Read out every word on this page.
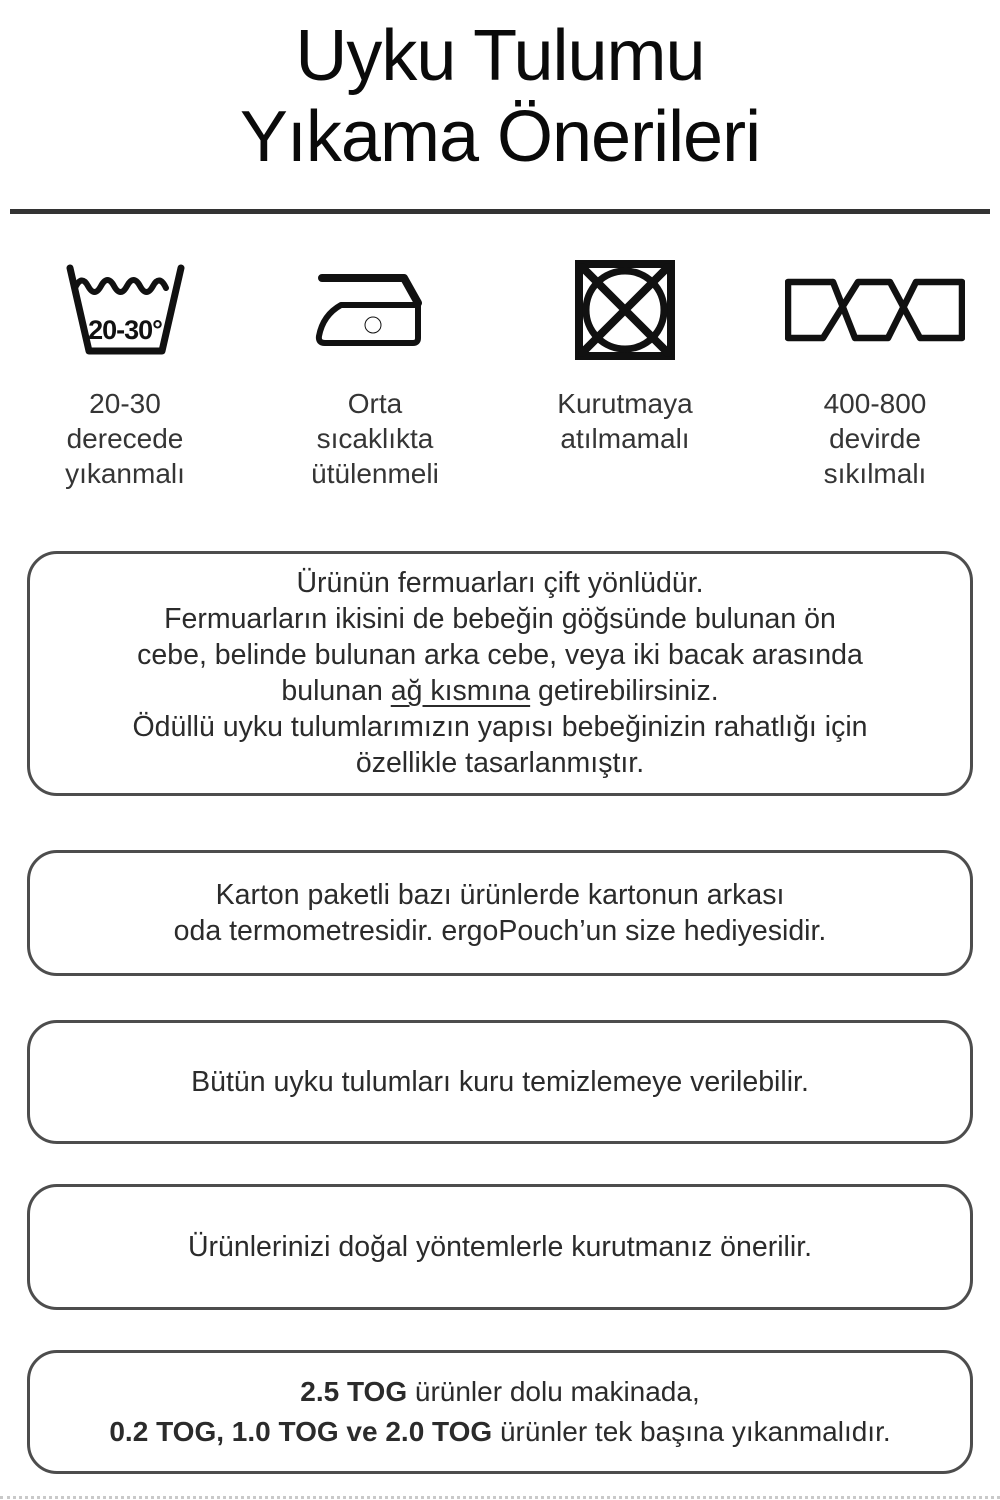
Uyku Tulumu
Yıkama Önerileri
20-30°
20-30
derecede
yıkanmalı
Orta
sıcaklıkta
ütülenmeli
Kurutmaya
atılmamalı
400-800
devirde
sıkılmalı
Ürünün fermuarları çift yönlüdür.
Fermuarların ikisini de bebeğin göğsünde bulunan ön
cebe, belinde bulunan arka cebe, veya iki bacak arasında
bulunan ağ kısmına getirebilirsiniz.
Ödüllü uyku tulumlarımızın yapısı bebeğinizin rahatlığı için
özellikle tasarlanmıştır.
Karton paketli bazı ürünlerde kartonun arkası
oda termometresidir. ergoPouch’un size hediyesidir.
Bütün uyku tulumları kuru temizlemeye verilebilir.
Ürünlerinizi doğal yöntemlerle kurutmanız önerilir.
2.5 TOG ürünler dolu makinada,
0.2 TOG, 1.0 TOG ve 2.0 TOG ürünler tek başına yıkanmalıdır.
